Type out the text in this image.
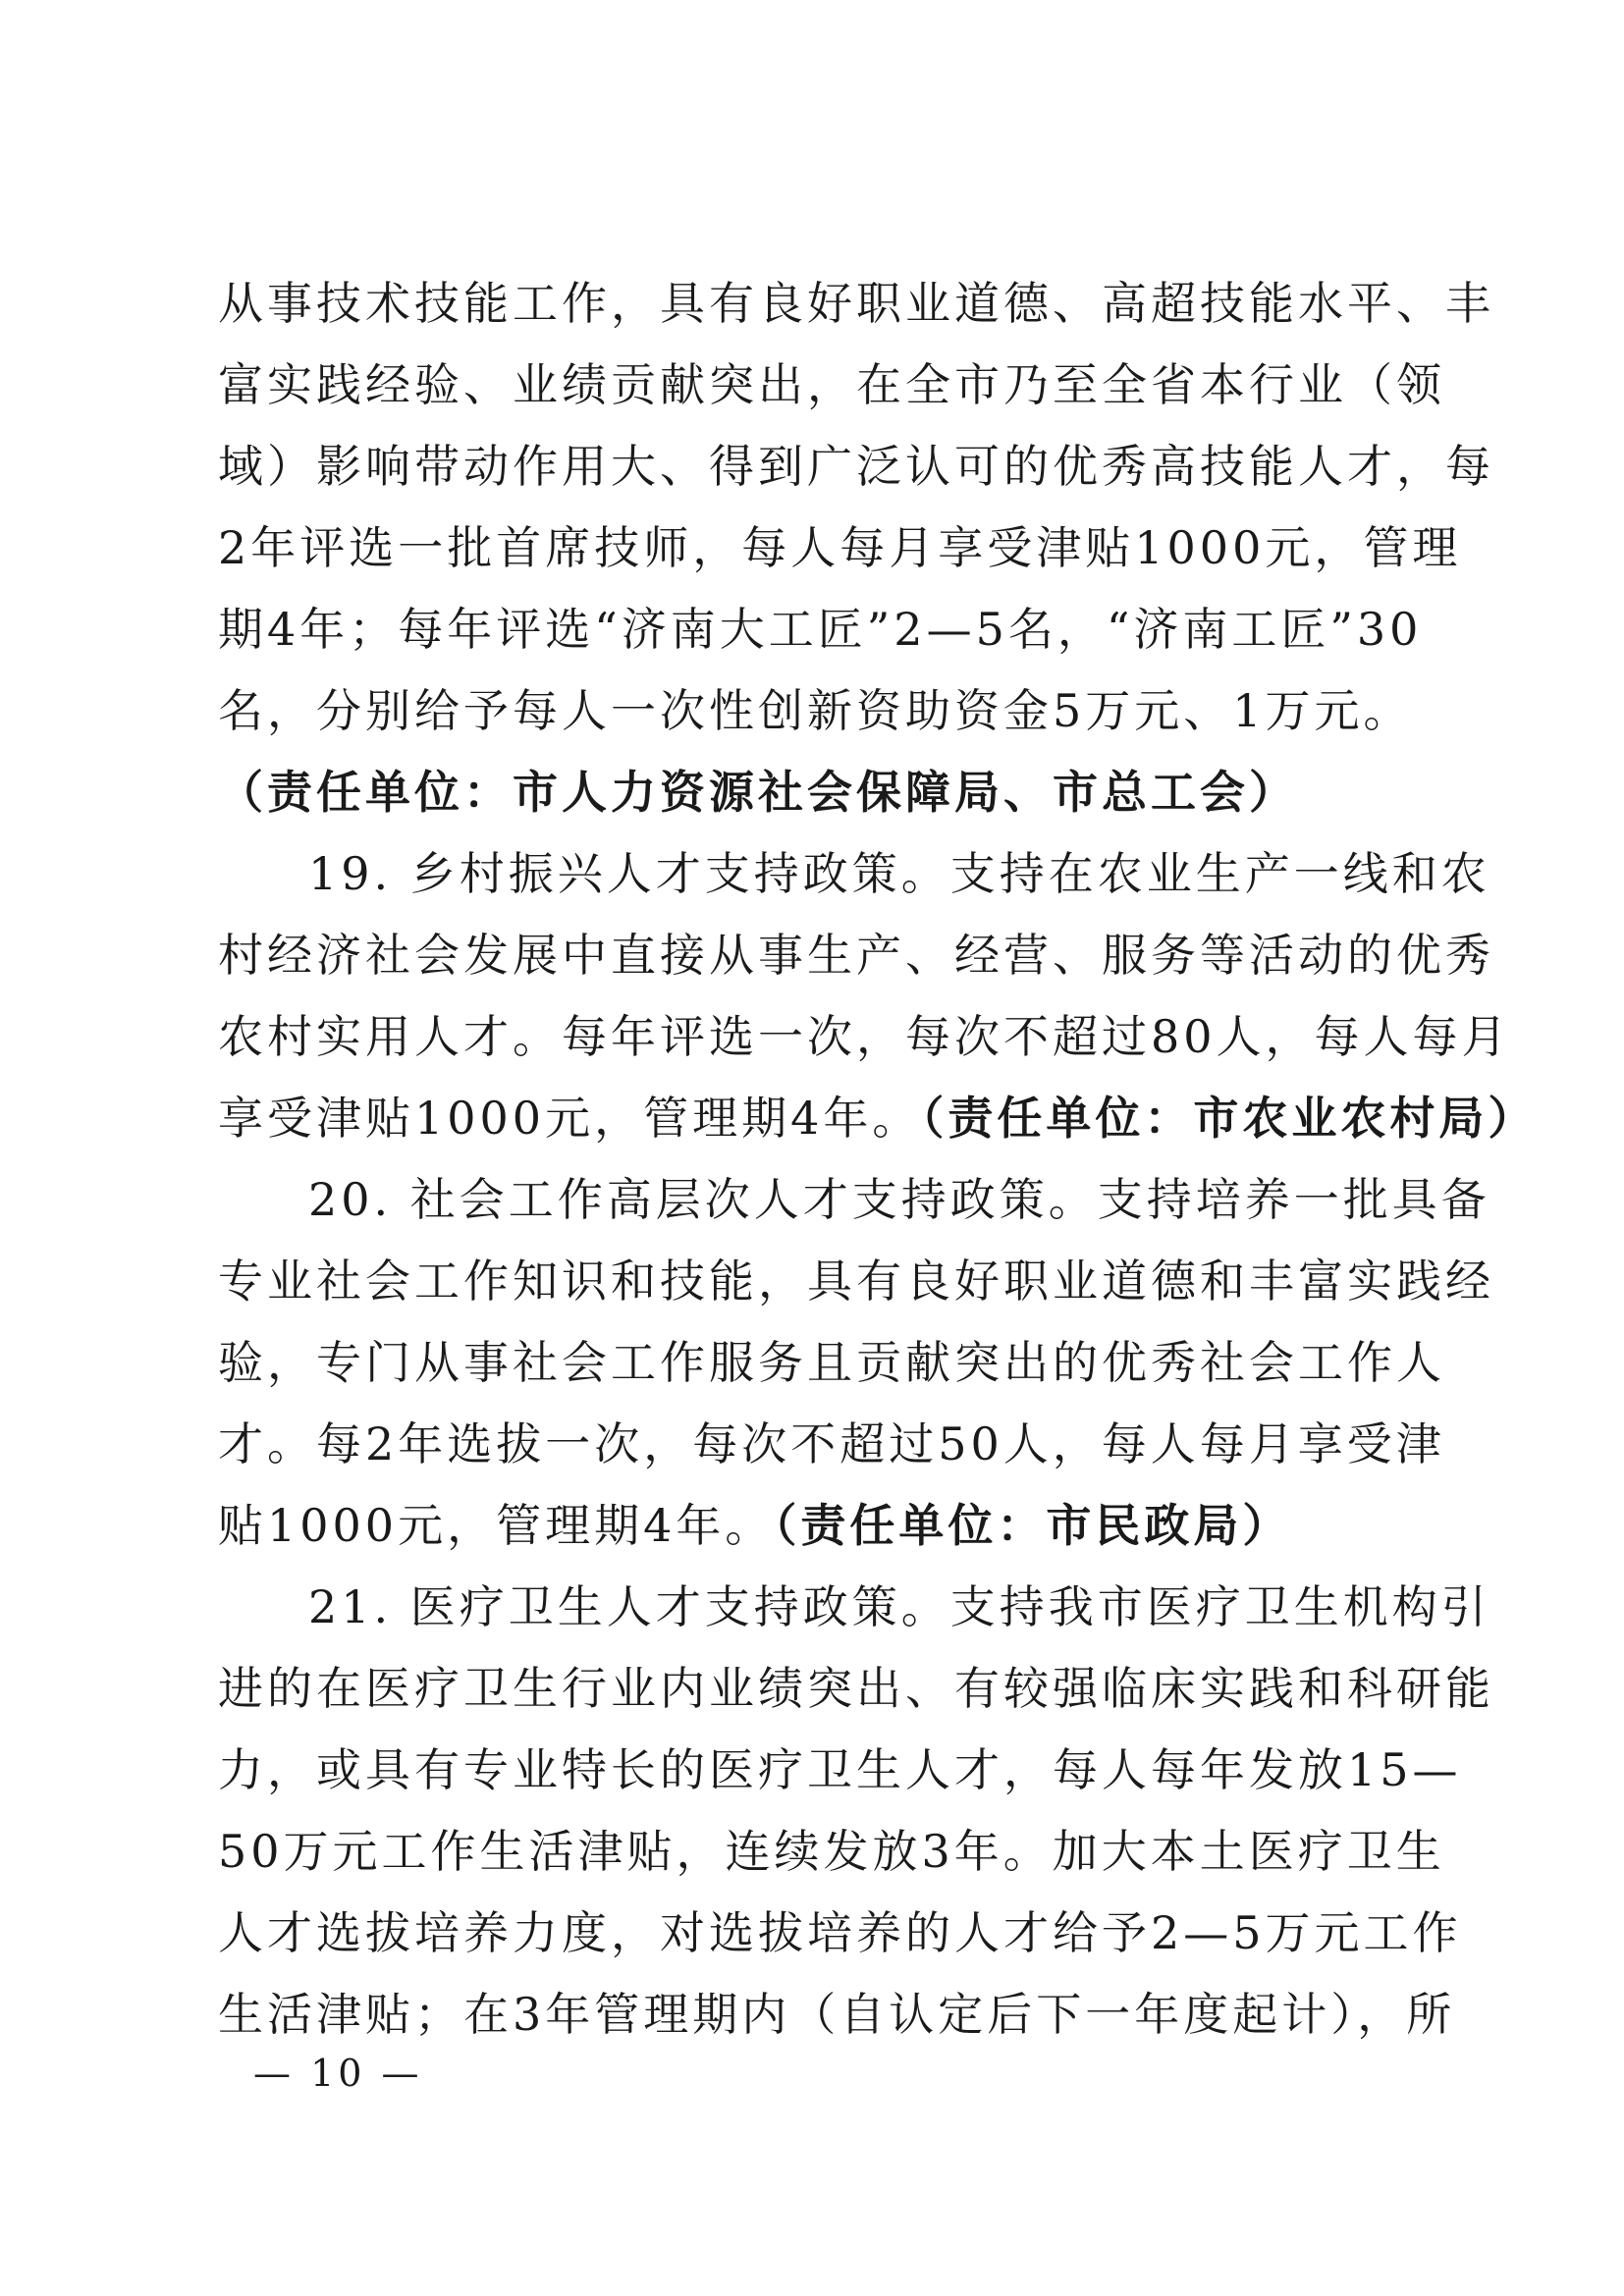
从事技术技能工作，具有良好职业道德、高超技能水平、丰
富实践经验、业绩贡献突出，在全市乃至全省本行业（领
域）影响带动作用大、得到广泛认可的优秀高技能人才，每
2年评选一批首席技师，每人每月享受津贴1000元，管理
期4年；每年评选“济南大工匠”2—5名，“济南工匠”30
名，分别给予每人一次性创新资助资金5万元、1万元。
（责任单位：市人力资源社会保障局、市总工会）
19. 乡村振兴人才支持政策。支持在农业生产一线和农
村经济社会发展中直接从事生产、经营、服务等活动的优秀
农村实用人才。每年评选一次，每次不超过80人，每人每月
享受津贴1000元，管理期4年。（责任单位：市农业农村局）
20. 社会工作高层次人才支持政策。支持培养一批具备
专业社会工作知识和技能，具有良好职业道德和丰富实践经
验，专门从事社会工作服务且贡献突出的优秀社会工作人
才。每2年选拔一次，每次不超过50人，每人每月享受津
贴1000元，管理期4年。（责任单位：市民政局）
21. 医疗卫生人才支持政策。支持我市医疗卫生机构引
进的在医疗卫生行业内业绩突出、有较强临床实践和科研能
力，或具有专业特长的医疗卫生人才，每人每年发放15—
50万元工作生活津贴，连续发放3年。加大本土医疗卫生
人才选拔培养力度，对选拔培养的人才给予2—5万元工作
生活津贴；在3年管理期内（自认定后下一年度起计），所
— 10 —
